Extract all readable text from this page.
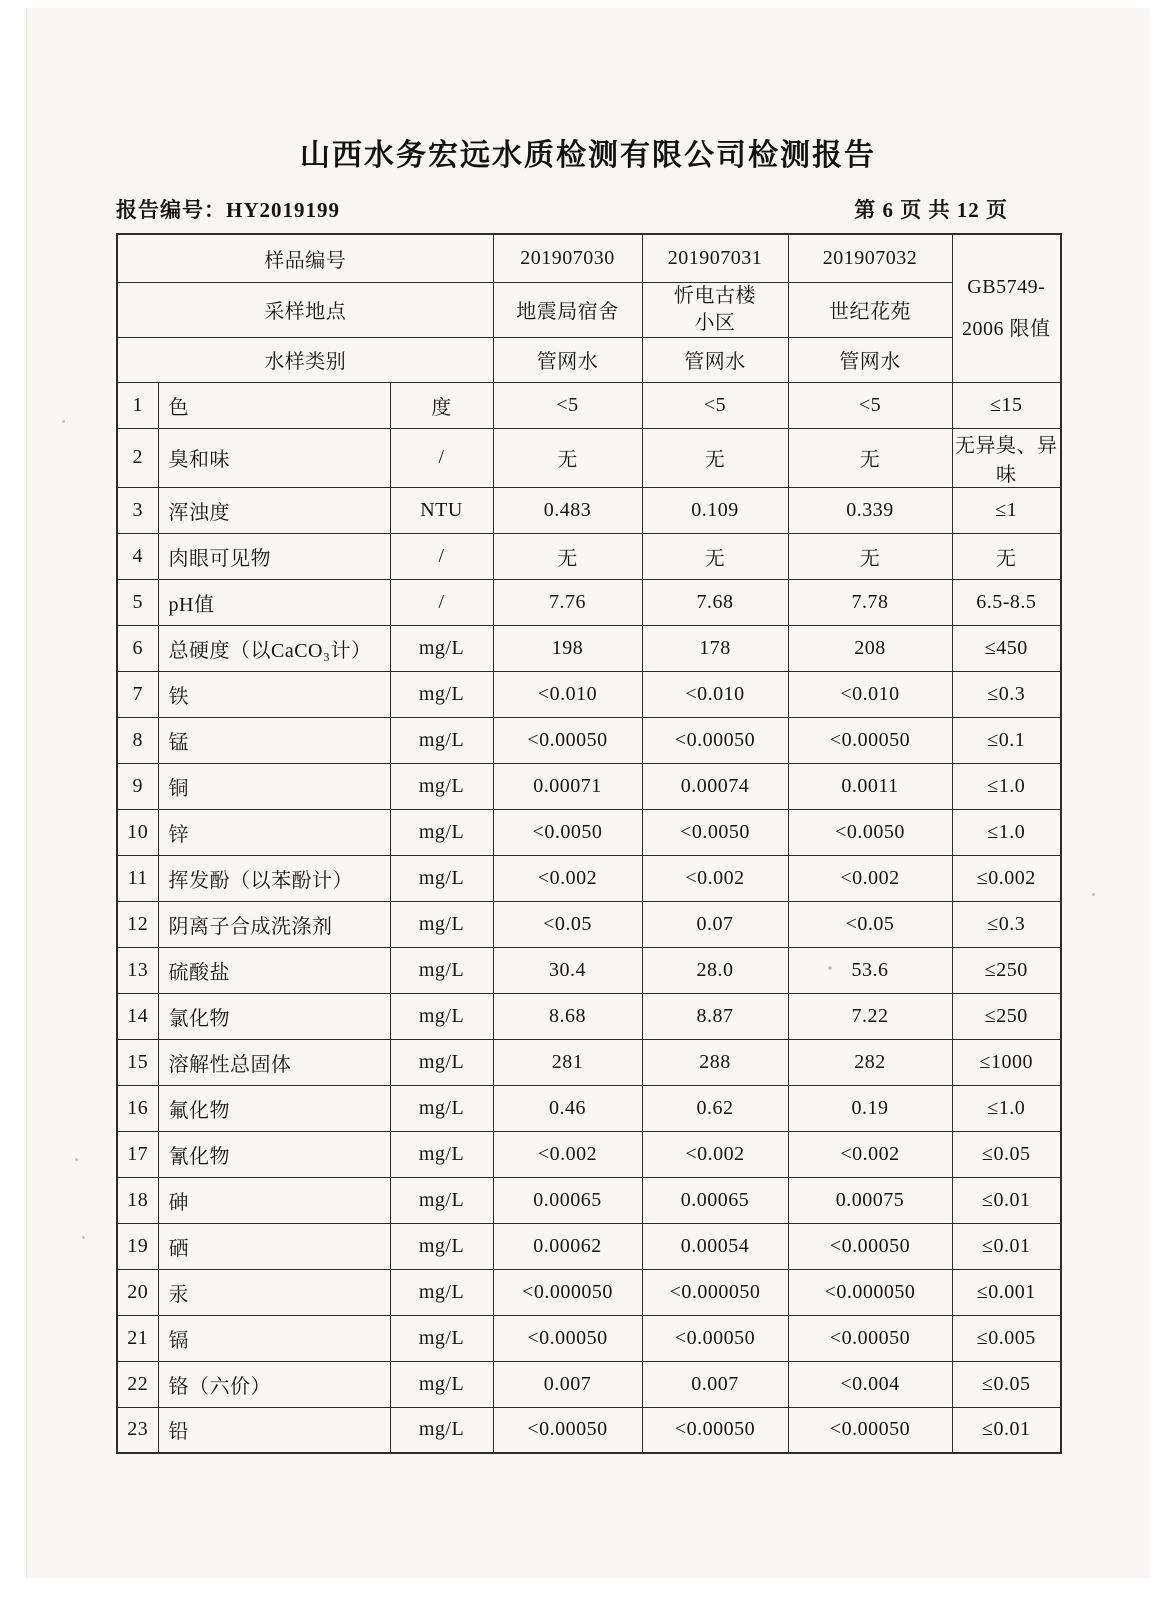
山西水务宏远水质检测有限公司检测报告
报告编号：HY2019199	第 6 页 共 12 页
样品编号			201907030	201907031	201907032	GB5749-
2006 限值

采样地点			地震局宿舍	忻电古楼小区	世纪花苑	
水样类别			管网水	管网水	管网水	
1	色	度	<5	<5	<5	≤15
2	臭和味	/	无	无	无	无异臭、异味
3	浑浊度	NTU	0.483	0.109	0.339	≤1
4	肉眼可见物	/	无	无	无	无
5	pH值	/	7.76	7.68	7.78	6.5-8.5
6	总硬度（以CaCO₃计）	mg/L	198	178	208	≤450
7	铁	mg/L	<0.010	<0.010	<0.010	≤0.3
8	锰	mg/L	<0.00050	<0.00050	<0.00050	≤0.1
9	铜	mg/L	0.00071	0.00074	0.0011	≤1.0
10	锌	mg/L	<0.0050	<0.0050	<0.0050	≤1.0
11	挥发酚（以苯酚计）	mg/L	<0.002	<0.002	<0.002	≤0.002
12	阴离子合成洗涤剂	mg/L	<0.05	0.07	<0.05	≤0.3
13	硫酸盐	mg/L	30.4	28.0	53.6	≤250
14	氯化物	mg/L	8.68	8.87	7.22	≤250
15	溶解性总固体	mg/L	281	288	282	≤1000
16	氟化物	mg/L	0.46	0.62	0.19	≤1.0
17	氰化物	mg/L	<0.002	<0.002	<0.002	≤0.05
18	砷	mg/L	0.00065	0.00065	0.00075	≤0.01
19	硒	mg/L	0.00062	0.00054	<0.00050	≤0.01
20	汞	mg/L	<0.000050	<0.000050	<0.000050	≤0.001
21	镉	mg/L	<0.00050	<0.00050	<0.00050	≤0.005
22	铬（六价）	mg/L	0.007	0.007	<0.004	≤0.05
23	铅	mg/L	<0.00050	<0.00050	<0.00050	≤0.01
